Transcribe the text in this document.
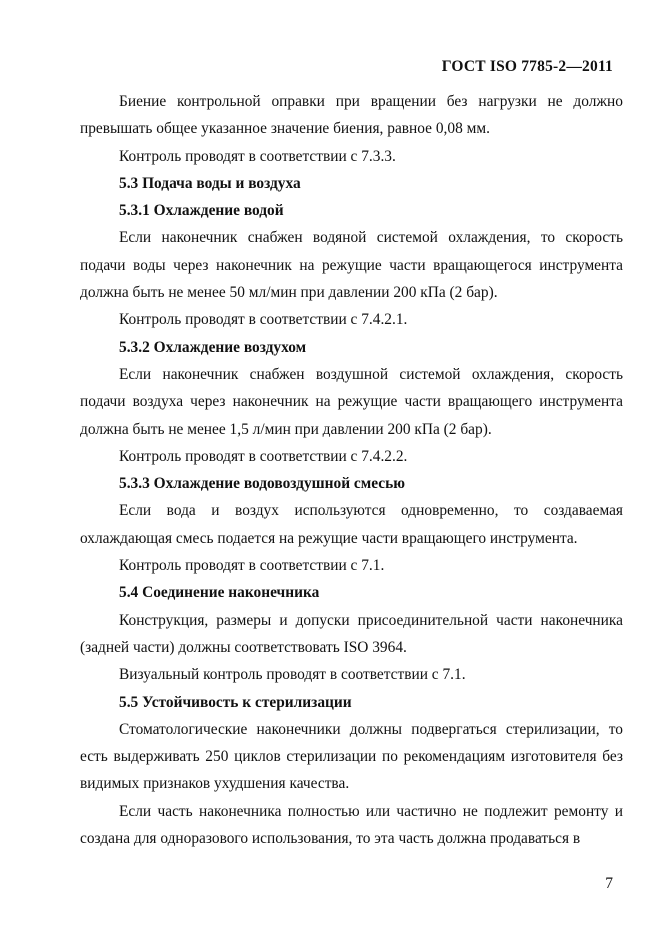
ГОСТ ISO 7785-2—2011

Биение контрольной оправки при вращении без нагрузки не должно превышать общее указанное значение биения, равное 0,08 мм.

Контроль проводят в соответствии с 7.3.3.

5.3 Подача воды и воздуха

5.3.1 Охлаждение водой

Если наконечник снабжен водяной системой охлаждения, то скорость подачи воды через наконечник на режущие части вращающегося инструмента должна быть не менее 50 мл/мин при давлении 200 кПа (2 бар).

Контроль проводят в соответствии с 7.4.2.1.

5.3.2 Охлаждение воздухом

Если наконечник снабжен воздушной системой охлаждения, скорость подачи воздуха через наконечник на режущие части вращающего инструмента должна быть не менее 1,5 л/мин при давлении 200 кПа (2 бар).

Контроль проводят в соответствии с 7.4.2.2.

5.3.3 Охлаждение водовоздушной смесью

Если вода и воздух используются одновременно, то создаваемая охлаждающая смесь подается на режущие части вращающего инструмента.

Контроль проводят в соответствии с 7.1.

5.4 Соединение наконечника

Конструкция, размеры и допуски присоединительной части наконечника (задней части) должны соответствовать ISO 3964.

Визуальный контроль проводят в соответствии с 7.1.

5.5 Устойчивость к стерилизации

Стоматологические наконечники должны подвергаться стерилизации, то есть выдерживать 250 циклов стерилизации по рекомендациям изготовителя без видимых признаков ухудшения качества.

Если часть наконечника полностью или частично не подлежит ремонту и создана для одноразового использования, то эта часть должна продаваться в

7
